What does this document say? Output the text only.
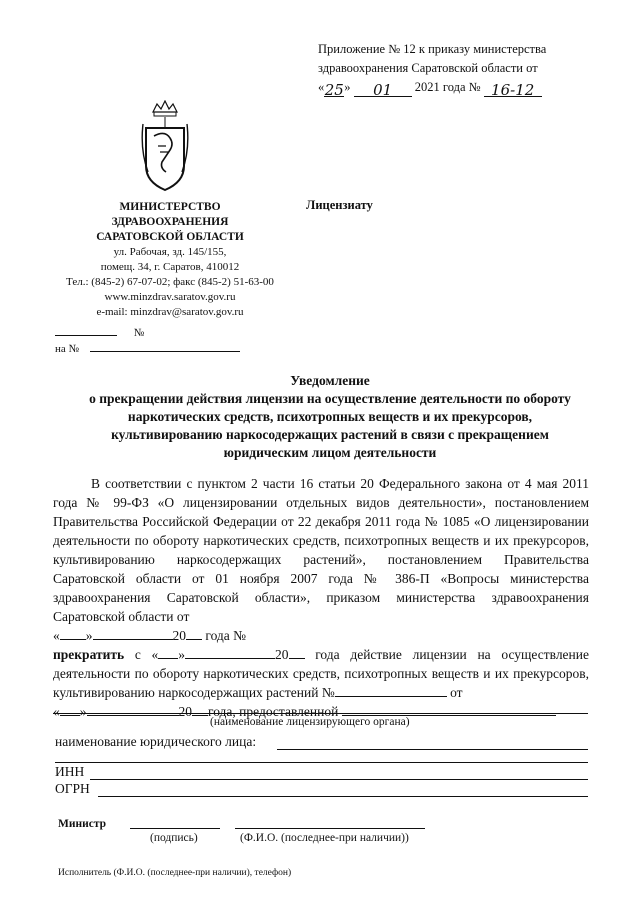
Приложение № 12 к приказу министерства
здравоохранения Саратовской области от
«25» 01 2021 года № 16-12
МИНИСТЕРСТВО
ЗДРАВООХРАНЕНИЯ
САРАТОВСКОЙ ОБЛАСТИ
ул. Рабочая, зд. 145/155,
помещ. 34, г. Саратов, 410012
Тел.: (845-2) 67-07-02; факс (845-2) 51-63-00
www.minzdrav.saratov.gov.ru
e-mail: minzdrav@saratov.gov.ru
Лицензиату
№
на №
Уведомление
о прекращении действия лицензии на осуществление деятельности по обороту
наркотических средств, психотропных веществ и их прекурсоров,
культивированию наркосодержащих растений в связи с прекращением
юридическим лицом деятельности

В соответствии с пунктом 2 части 16 статьи 20 Федерального закона от 4 мая 2011 года № 99-ФЗ «О лицензировании отдельных видов деятельности», постановлением Правительства Российской Федерации от 22 декабря 2011 года № 1085 «О лицензировании деятельности по обороту наркотических средств, психотропных веществ и их прекурсоров, культивированию наркосодержащих растений», постановлением Правительства Саратовской области от 01 ноября 2007 года № 386-П «Вопросы министерства здравоохранения Саратовской области», приказом министерства здравоохранения Саратовской области от

« »	20 года №

прекратить с « »	20 года действие лицензии на осуществление деятельности по обороту наркотических средств, психотропных веществ и их прекурсоров, культивированию наркосодержащих растений №	от

« »	20 года, предоставленной

(наименование лицензирующего органа)
наименование юридического лица:
ИНН
ОГРН
Министр
(подпись)	(Ф.И.О. (последнее-при наличии))
Исполнитель (Ф.И.О. (последнее-при наличии), телефон)
